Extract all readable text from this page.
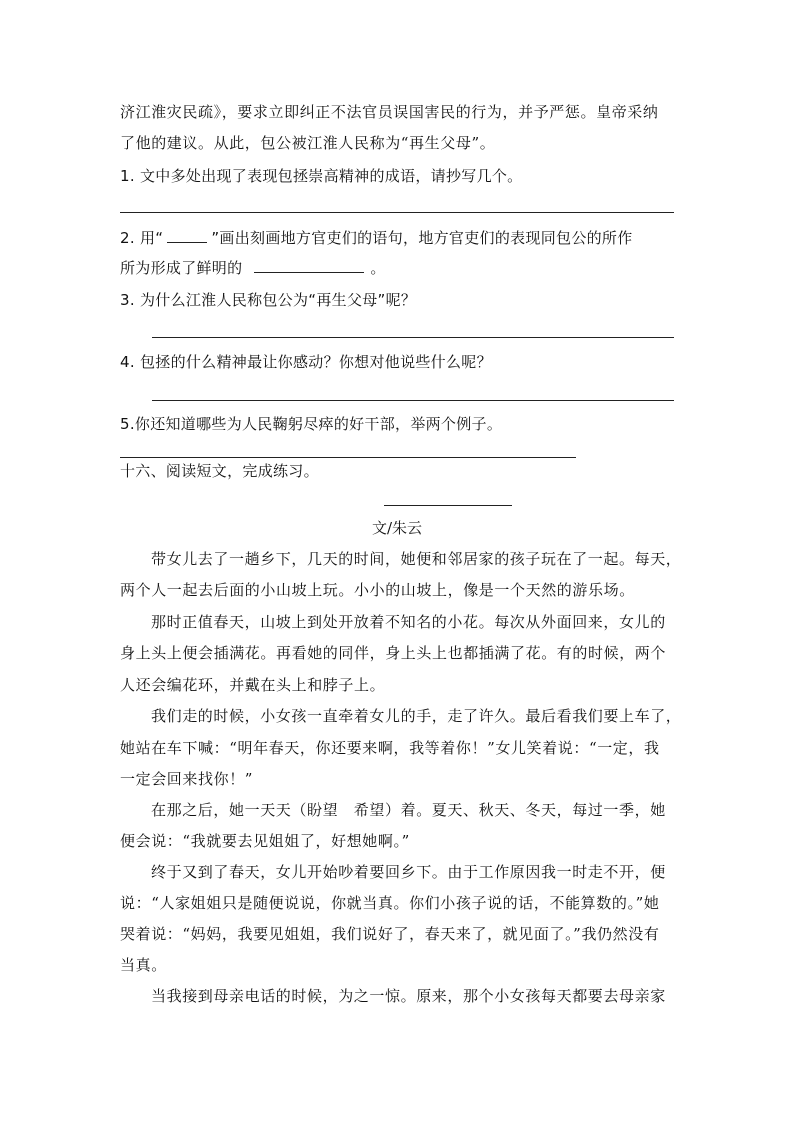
济江淮灾民疏》，要求立即纠正不法官员误国害民的行为，并予严惩。皇帝采纳
了他的建议。从此，包公被江淮人民称为“再生父母”。
1. 文中多处出现了表现包拯崇高精神的成语，请抄写几个。
2. 用“	”画出刻画地方官吏们的语句，地方官吏们的表现同包公的所作
所为形成了鲜明的	。
3. 为什么江淮人民称包公为“再生父母”呢？
4. 包拯的什么精神最让你感动？你想对他说些什么呢？
5.你还知道哪些为人民鞠躬尽瘁的好干部，举两个例子。
十六、阅读短文，完成练习。
文/朱云
带女儿去了一趟乡下，几天的时间，她便和邻居家的孩子玩在了一起。每天，
两个人一起去后面的小山坡上玩。小小的山坡上，像是一个天然的游乐场。
那时正值春天，山坡上到处开放着不知名的小花。每次从外面回来，女儿的
身上头上便会插满花。再看她的同伴，身上头上也都插满了花。有的时候，两个
人还会编花环，并戴在头上和脖子上。
我们走的时候，小女孩一直牵着女儿的手，走了许久。最后看我们要上车了，
她站在车下喊：“明年春天，你还要来啊，我等着你！”女儿笑着说：“一定，我
一定会回来找你！”
在那之后，她一天天（盼望　希望）着。夏天、秋天、冬天，每过一季，她
便会说：“我就要去见姐姐了，好想她啊。”
终于又到了春天，女儿开始吵着要回乡下。由于工作原因我一时走不开，便
说：“人家姐姐只是随便说说，你就当真。你们小孩子说的话，不能算数的。”她
哭着说：“妈妈，我要见姐姐，我们说好了，春天来了，就见面了。”我仍然没有
当真。
当我接到母亲电话的时候，为之一惊。原来，那个小女孩每天都要去母亲家
